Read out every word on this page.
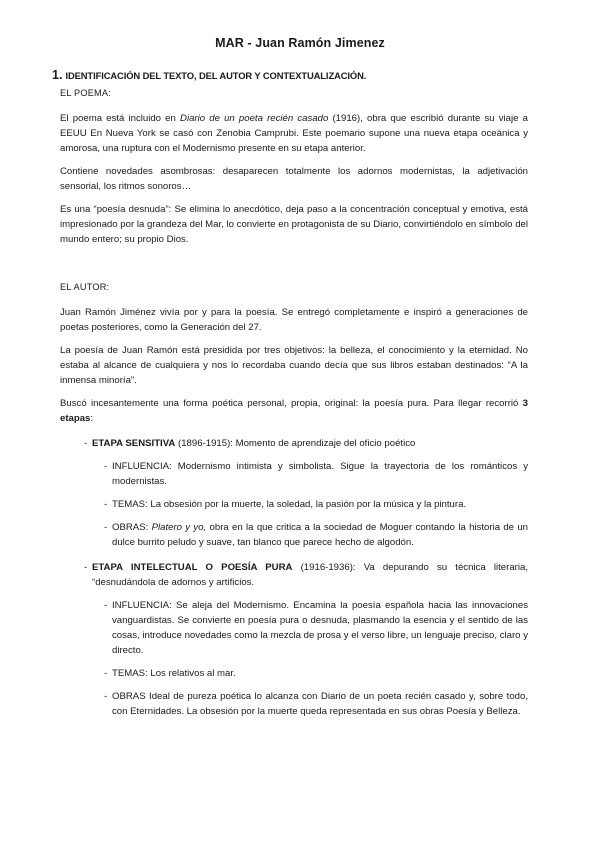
MAR - Juan Ramón Jimenez
1. IDENTIFICACIÓN DEL TEXTO, DEL AUTOR Y CONTEXTUALIZACIÓN.

EL POEMA:

El poema está incluido en Diario de un poeta recién casado (1916), obra que escribió durante su viaje a EEUU En Nueva York se casó con Zenobia Camprubi. Este poemario supone una nueva etapa oceánica y amorosa, una ruptura con el Modernismo presente en su etapa anterior.

Contiene novedades asombrosas: desaparecen totalmente los adornos modernistas, la adjetivación sensorial, los ritmos sonoros…

Es una “poesía desnuda”: Se elimina lo anecdótico, deja paso a la concentración conceptual y emotiva, está impresionado por la grandeza del Mar, lo convierte en protagonista de su Diario, convirtiéndolo en símbolo del mundo entero; su propio Dios.

EL AUTOR:

Juan Ramón Jiménez vivía por y para la poesía. Se entregó completamente e inspiró a generaciones de poetas posteriores, como la Generación del 27.

La poesía de Juan Ramón está presidida por tres objetivos: la belleza, el conocimiento y la eternidad. No estaba al alcance de cualquiera y nos lo recordaba cuando decía que sus libros estaban destinados: “A la inmensa minoría”.

Buscó incesantemente una forma poética personal, propia, original: la poesía pura. Para llegar recorrió 3 etapas:

- ETAPA SENSITIVA (1896-1915): Momento de aprendizaje del oficio poético
- INFLUENCIA: Modernismo intimista y simbolista. Sigue la trayectoria de los románticos y modernistas.
- TEMAS: La obsesión por la muerte, la soledad, la pasión por la música y la pintura.
- OBRAS: Platero y yo, obra en la que critica a la sociedad de Moguer contando la historia de un dulce burrito peludo y suave, tan blanco que parece hecho de algodón.
- ETAPA INTELECTUAL O POESÍA PURA (1916-1936): Va depurando su técnica literaria, “desnudándola de adornos y artificios.
- INFLUENCIA: Se aleja del Modernismo. Encamina la poesía española hacia las innovaciones vanguardistas. Se convierte en poesía pura o desnuda, plasmando la esencia y el sentido de las cosas, introduce novedades como la mezcla de prosa y el verso libre, un lenguaje preciso, claro y directo.
- TEMAS: Los relativos al mar.
- OBRAS Ideal de pureza poética lo alcanza con Diario de un poeta recién casado y, sobre todo, con Eternidades. La obsesión por la muerte queda representada en sus obras Poesía y Belleza.
